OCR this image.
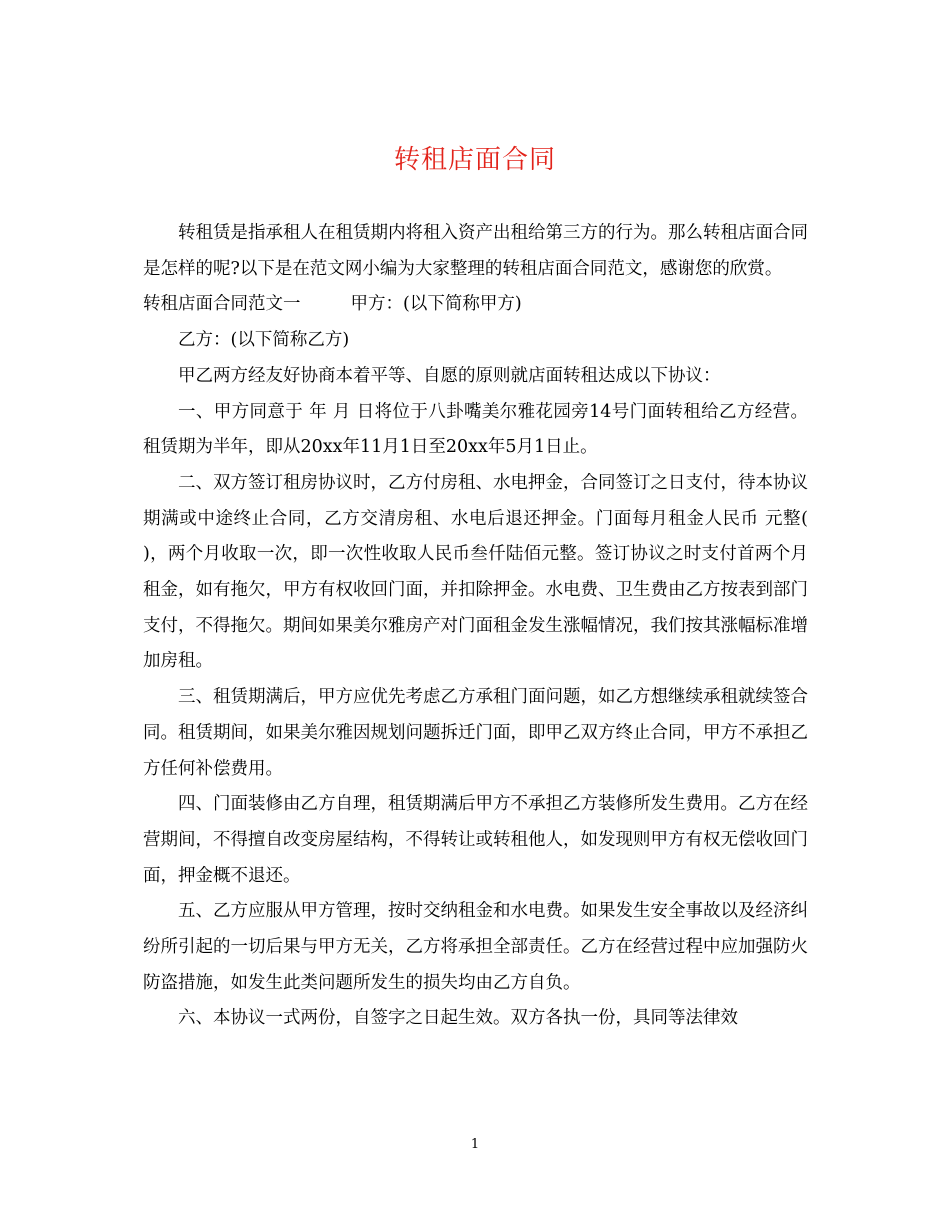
转租店面合同

转租赁是指承租人在租赁期内将租入资产出租给第三方的行为。那么转租店面合同是怎样的呢?以下是在范文网小编为大家整理的转租店面合同范文，感谢您的欣赏。

转租店面合同范文一	甲方：(以下简称甲方)

乙方：(以下简称乙方)

甲乙两方经友好协商本着平等、自愿的原则就店面转租达成以下协议：

一、甲方同意于 年 月 日将位于八卦嘴美尔雅花园旁14号门面转租给乙方经营。租赁期为半年，即从20xx年11月1日至20xx年5月1日止。

二、双方签订租房协议时，乙方付房租、水电押金，合同签订之日支付，待本协议期满或中途终止合同，乙方交清房租、水电后退还押金。门面每月租金人民币 元整( )，两个月收取一次，即一次性收取人民币叁仟陆佰元整。签订协议之时支付首两个月租金，如有拖欠，甲方有权收回门面，并扣除押金。水电费、卫生费由乙方按表到部门支付，不得拖欠。期间如果美尔雅房产对门面租金发生涨幅情况，我们按其涨幅标准增加房租。

三、租赁期满后，甲方应优先考虑乙方承租门面问题，如乙方想继续承租就续签合同。租赁期间，如果美尔雅因规划问题拆迁门面，即甲乙双方终止合同，甲方不承担乙方任何补偿费用。

四、门面装修由乙方自理，租赁期满后甲方不承担乙方装修所发生费用。乙方在经营期间，不得擅自改变房屋结构，不得转让或转租他人，如发现则甲方有权无偿收回门面，押金概不退还。

五、乙方应服从甲方管理，按时交纳租金和水电费。如果发生安全事故以及经济纠纷所引起的一切后果与甲方无关，乙方将承担全部责任。乙方在经营过程中应加强防火防盗措施，如发生此类问题所发生的损失均由乙方自负。

六、本协议一式两份，自签字之日起生效。双方各执一份，具同等法律效

1
